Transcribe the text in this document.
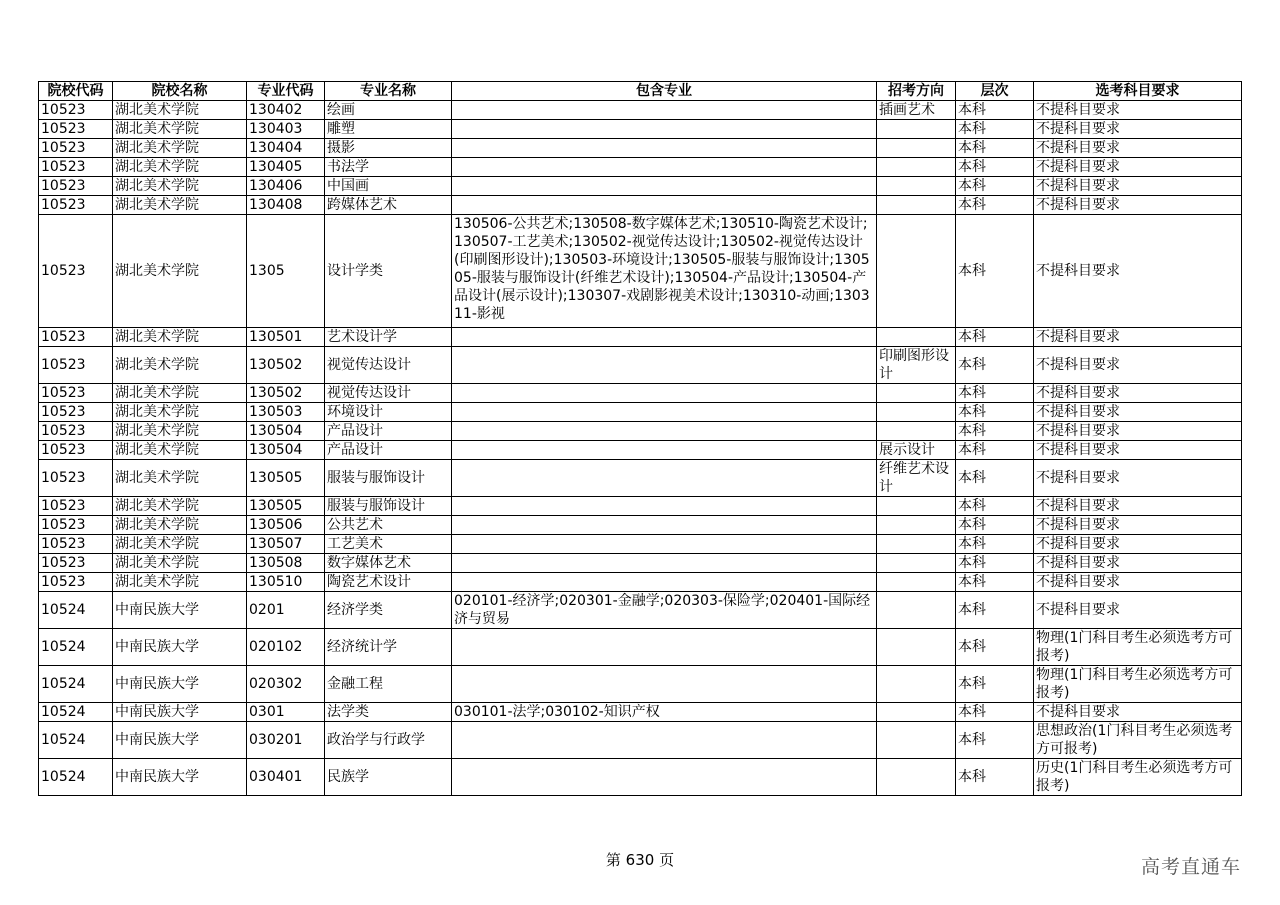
院校代码	院校名称	专业代码	专业名称	包含专业	招考方向	层次	选考科目要求
10523	湖北美术学院	130402	绘画		插画艺术	本科	不提科目要求
10523	湖北美术学院	130403	雕塑			本科	不提科目要求
10523	湖北美术学院	130404	摄影			本科	不提科目要求
10523	湖北美术学院	130405	书法学			本科	不提科目要求
10523	湖北美术学院	130406	中国画			本科	不提科目要求
10523	湖北美术学院	130408	跨媒体艺术			本科	不提科目要求
10523	湖北美术学院	1305	设计学类	130506-公共艺术;130508-数字媒体艺术;130510-陶瓷艺术设计;130507-工艺美术;130502-视觉传达设计;130502-视觉传达设计(印刷图形设计);130503-环境设计;130505-服装与服饰设计;130505-服装与服饰设计(纤维艺术设计);130504-产品设计;130504-产品设计(展示设计);130307-戏剧影视美术设计;130310-动画;130311-影视		本科	不提科目要求
10523	湖北美术学院	130501	艺术设计学			本科	不提科目要求
10523	湖北美术学院	130502	视觉传达设计		印刷图形设计	本科	不提科目要求
10523	湖北美术学院	130502	视觉传达设计			本科	不提科目要求
10523	湖北美术学院	130503	环境设计			本科	不提科目要求
10523	湖北美术学院	130504	产品设计			本科	不提科目要求
10523	湖北美术学院	130504	产品设计		展示设计	本科	不提科目要求
10523	湖北美术学院	130505	服装与服饰设计		纤维艺术设计	本科	不提科目要求
10523	湖北美术学院	130505	服装与服饰设计			本科	不提科目要求
10523	湖北美术学院	130506	公共艺术			本科	不提科目要求
10523	湖北美术学院	130507	工艺美术			本科	不提科目要求
10523	湖北美术学院	130508	数字媒体艺术			本科	不提科目要求
10523	湖北美术学院	130510	陶瓷艺术设计			本科	不提科目要求
10524	中南民族大学	0201	经济学类	020101-经济学;020301-金融学;020303-保险学;020401-国际经济与贸易		本科	不提科目要求
10524	中南民族大学	020102	经济统计学			本科	物理(1门科目考生必须选考方可报考)
10524	中南民族大学	020302	金融工程			本科	物理(1门科目考生必须选考方可报考)
10524	中南民族大学	0301	法学类	030101-法学;030102-知识产权		本科	不提科目要求
10524	中南民族大学	030201	政治学与行政学			本科	思想政治(1门科目考生必须选考方可报考)
10524	中南民族大学	030401	民族学			本科	历史(1门科目考生必须选考方可报考)
第 630 页	高考直通车
